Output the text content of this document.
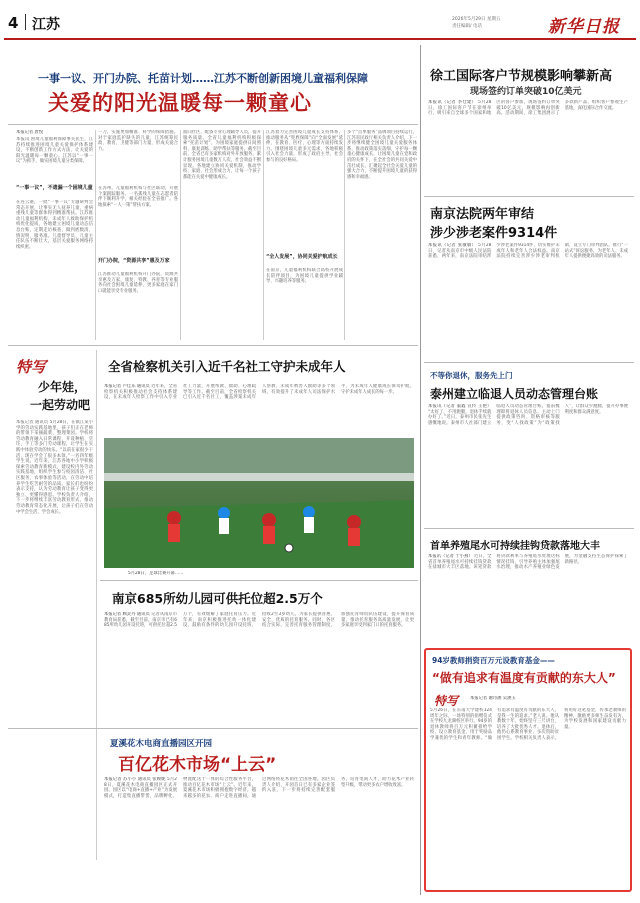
4 江苏	2026年5月29日 星期五
责任编辑/ 电话	新华日报
一事一议、开门办院、托苗计划……江苏不断创新困境儿童福利保障
关爱的阳光温暖每一颗童心
本报记者 唐悦
本报讯 困境儿童福利保障事关民生，江苏持续推进困境儿童关爱保护体系建设，不断创新工作方式方法，让关爱的阳光温暖每一颗童心。江苏以“一事一议”为抓手，做实困境儿童分类保障。
“一事一议”，不遗漏一个困境儿童
在连云港，一批“一事一议”专题研判会常态开展，让事实无人抚养儿童、重病重残儿童等群体得到精准帮扶。江苏推动儿童福利机构、未成年人救助保护机构优化提质，各地建立困境儿童动态信息台账，定期走访核查，做到底数清、情况明、服务准。儿童督导员、儿童主任队伍不断壮大，基层关爱服务网络持续织密。
一刀，实施更加精准、科学的保障措施。对于家庭监护缺失的儿童，江苏统筹民政、教育、卫健等部门力量，形成关爱合力。
在苏州，儿童福利机构与社区联动，开展个案跟踪服务。一名孤残儿童在志愿者陪伴下顺利升学，相关经验在全省推广。各地探索“一人一策”帮扶方案。
开门办院，“资源共享”惠及万家
江苏推动儿童福利机构开门办院，资源共享惠及万家，康复、特教、养育等专业服务向社会困境儿童延伸，更多家庭在家门口就能享受专业服务。
面向社区，配备专业心理辅导人员，提升服务质量。全省儿童福利机构积极探索“托苗计划”，为困境家庭提供日间照料、康复训练、助学帮扶等服务。截至目前，全省已有多家机构对外开放服务，累计服务困境儿童数万人次，社会效益不断显现。各地建立协同关爱机制，推动学校、家庭、社会形成合力，让每一个孩子都能在关爱中健康成长。
江苏着力完善困境儿童成长支持体系，推动服务从“兜底保障”向“全面发展”延伸，在教育、医疗、心理等方面持续发力。围绕困境儿童多元需求，各地积极引入社会力量，形成了政府主导、社会参与的良好格局。
“全人发展”，协同关爱护航成长
在南京，儿童福利机构联合高校开展成长陪伴项目，为困境儿童提供学业辅导、兴趣培养等服务。
多个“点单服务”品牌项目持续运行。江苏省民政厅相关负责人介绍，下一步将继续健全困境儿童关爱服务体系，推动政策落实落细，守护每一颗童心健康成长，让困境儿童在党和政府的关怀下，在全社会的共同关爱中茁壮成长，汇聚起全社会关爱儿童的强大合力，不断提升困境儿童的获得感和幸福感。
特写
少年娃，
一起劳动吧
本报记者 通讯员 5月28日，在镇江某小学的劳动实践基地里，孩子们正在老师的带领下采摘蔬菜、整理菜园。学校将劳动教育融入日常课程，开设种植、烹饪、手工等多门劳动课程，让学生在实践中体验劳动的快乐。“以前在家很少干活，现在学会了很多本领。”一名四年级学生说。近年来，江苏各地中小学积极探索劳动教育新模式，建设校内外劳动实践基地，组织学生参与校园清洁、社区服务、农事体验等活动，在劳动中培养学生吃苦耐劳的品质。家长们也纷纷表示支持，认为劳动教育让孩子变得更独立、更懂得感恩。学校负责人介绍，下一步将继续丰富劳动教育形式，推动劳动教育常态化开展，让孩子们在劳动中学会生活、学会成长。
全省检察机关引入近千名社工守护未成年人
本报记者 卢佳乐 通讯员 近年来，全省检察机关积极推动社会支持体系建设，在未成年人检察工作中引入专业社工力量，开展帮教、救助、心理疏导等工作。截至目前，全省检察机关已引入近千名社工，覆盖涉案未成年人帮教、未成年被害人救助等多个领域，有效提升了未成年人司法保护水平，为未成年人健康成长保驾护航，守护未成年人成长的每一步。
5月28日，足球比赛开幕……
南京685所幼儿园可供托位超2.5万个
本报记者 顾灵丹 通讯员 记者从南京市教育局获悉，截至目前，南京市已有685所幼儿园开设托班，可供托位超2.5万个，有效缓解了家庭托育压力。近年来，南京积极推进托幼一体化建设，鼓励有条件的幼儿园开设托班，招收2至3岁幼儿，为家长提供普惠、安全、优质的托育服务。同时，各区结合实际，完善托育服务管理制度，加强托育师资队伍建设，提升保育质量，推动托育服务高质量发展，让更多家庭享受到家门口的托育服务。
夏溪花木电商直播园区开园
百亿花木市场“上云”
本报记者 苏小小 通讯员 张嫚妮 5月28日，夏溪花木电商直播园区正式开园。园区以“电商+直播+产业”为发展模式，打造集直播带货、品牌孵化、物流配送于一体的综合性服务平台，推动百亿花木市场“上云”。近年来，夏溪花木市场积极拥抱数字经济，越来越多的花农、商户走进直播间，通过网络将花木销往全国各地。园区负责人介绍，开园首日已有多家企业签约入驻，下一步将持续完善配套服务，培育电商人才，助力花木产业转型升级，带动更多农户增收致富。
徐工国际客户节规模影响攀新高
现场签约订单突破10亿美元
本报讯（记者 李仓建） 5月28日，徐工国际客户节在徐州举行，吸引来自全球多个国家和地区的客户参加，现场签约订单突破10亿美元，规模影响再创新高。活动期间，徐工集团展示了多款新产品，组织客户参观生产基地，深化国际合作交流。
南京法院两年审结
涉少涉老案件9314件
本报讯（记者 张敏敏） 5月28日，记者从南京市中级人民法院获悉，两年来，南京法院审结涉少涉老案件9314件，切实维护未成年人和老年人合法权益。南京法院持续完善涉少涉老审判机制，设立专门审判团队，推行“一站式”诉讼服务，为老年人、未成年人提供便捷高效的司法服务。
不等你退休，服务先上门
泰州建立临退人员动态管理台账
本报讯（记者 董鑫 宣传 王艳） “太好了，不用跑腿，退休手续就办好了。”近日，泰州市民张先生感慨地说。泰州市人社部门建立临退人员动态管理台账，提前梳理即将退休人员信息，主动上门提供政策咨询、资格审核等服务，变“人找政策”为“政策找人”，让群众少跑腿，提升办事便利度和群众满意度。
首单养殖尾水可持续挂钩贷款落地大丰
本报讯（记者 于小燕） 近日，全省首单养殖尾水可持续挂钩贷款在盐城市大丰区落地。该笔贷款将贷款利率与养殖尾水处理达标情况挂钩，引导养殖主体加强尾水治理，推动水产养殖业绿色发展，为金融支持生态保护探索了新路径。
94岁教师捐资百万元设教育基金——
“做有追求有温度有贡献的东大人”
特写	本报记者 谢诗涵 吴涵玉
5月26日，在东南大学建校124周年之际，一场特别的捐赠仪式在学校九龙湖校区举行。94岁的退休教师将百万元积蓄捐给学校，设立教育基金，用于奖励品学兼优的学生和青年教师。“做有追求有温度有贡献的东大人，是我一生的追求。”老人说。他从教数十年，始终坚守三尺讲台，培养了大批优秀人才。退休后，他仍心系教育事业，多次资助贫困学生。学校相关负责人表示，将用好这笔基金，传承老教师的精神，激励更多师生奋发有为，为学校发展和国家建设贡献力量。
